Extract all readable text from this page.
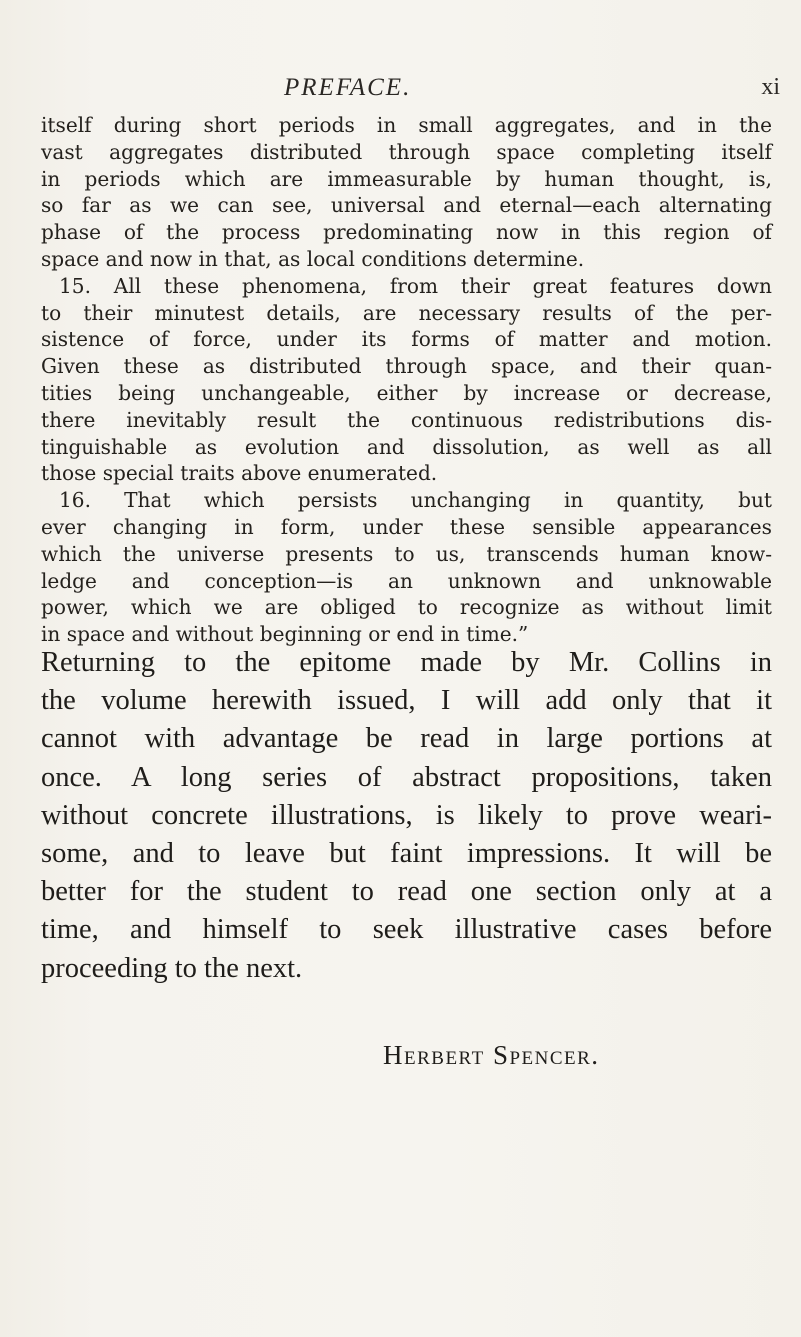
PREFACE.	xi
itself during short periods in small aggregates, and in the
vast aggregates distributed through space completing itself
in periods which are immeasurable by human thought, is,
so far as we can see, universal and eternal—each alternating
phase of the process predominating now in this region of
space and now in that, as local conditions determine.
15. All these phenomena, from their great features down
to their minutest details, are necessary results of the per-
sistence of force, under its forms of matter and motion.
Given these as distributed through space, and their quan-
tities being unchangeable, either by increase or decrease,
there inevitably result the continuous redistributions dis-
tinguishable as evolution and dissolution, as well as all
those special traits above enumerated.
16. That which persists unchanging in quantity, but
ever changing in form, under these sensible appearances
which the universe presents to us, transcends human know-
ledge and conception—is an unknown and unknowable
power, which we are obliged to recognize as without limit
in space and without beginning or end in time.”
Returning to the epitome made by Mr. Collins in
the volume herewith issued, I will add only that it
cannot with advantage be read in large portions at
once. A long series of abstract propositions, taken
without concrete illustrations, is likely to prove weari-
some, and to leave but faint impressions. It will be
better for the student to read one section only at a
time, and himself to seek illustrative cases before
proceeding to the next.
Herbert Spencer.
